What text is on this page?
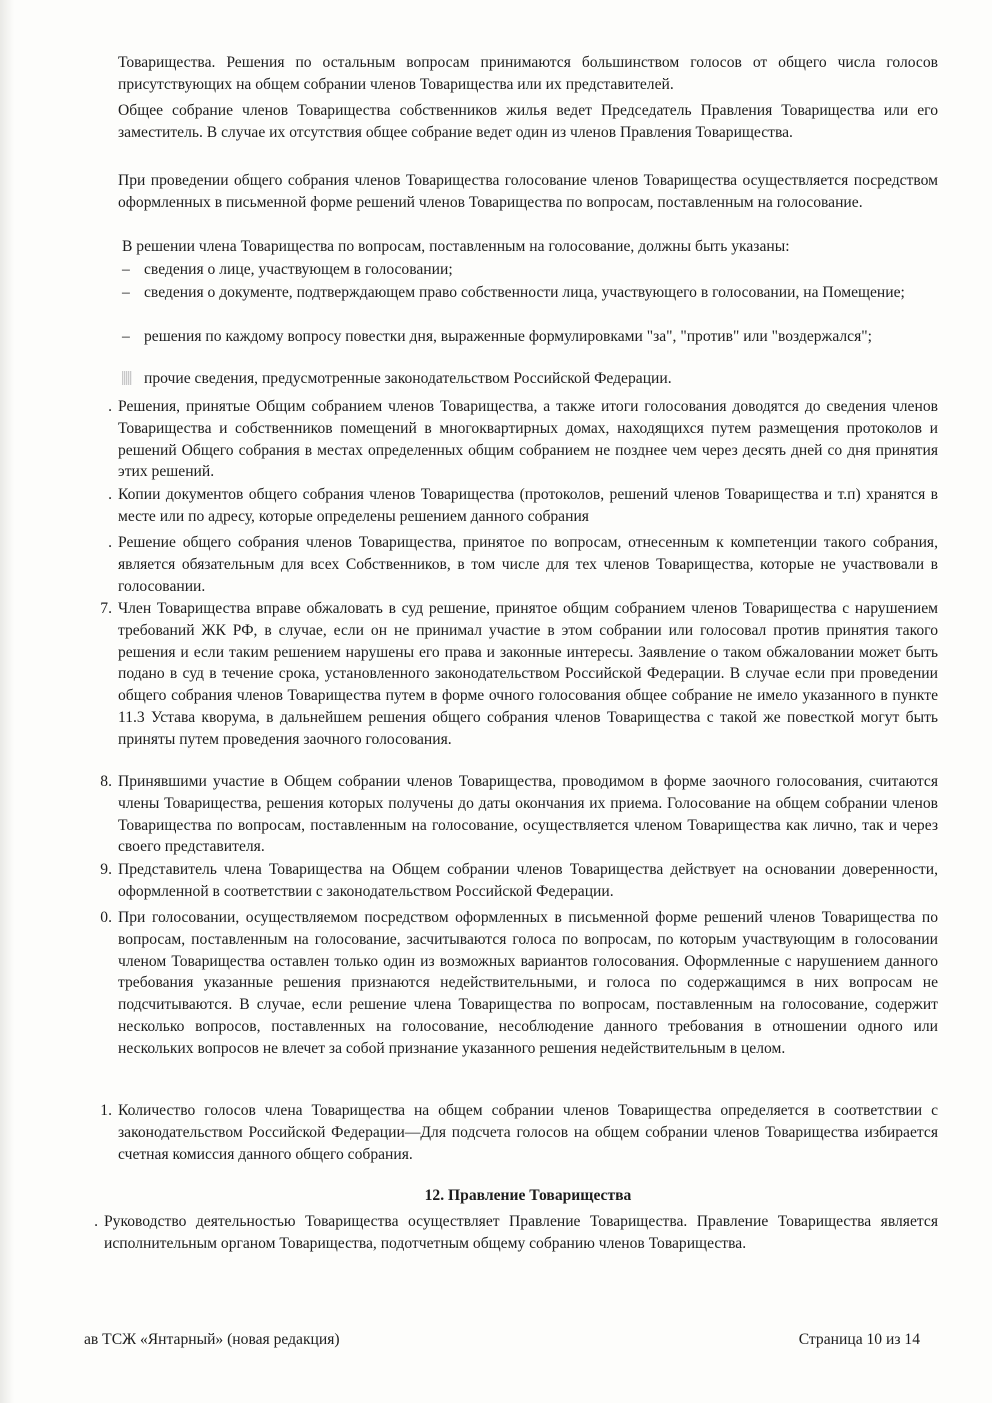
Товарищества. Решения по остальным вопросам принимаются большинством голосов от общего числа голосов присутствующих на общем собрании членов Товарищества или их представителей.
Общее собрание членов Товарищества собственников жилья ведет Председатель Правления Товарищества или его заместитель. В случае их отсутствия общее собрание ведет один из членов Правления Товарищества.
При проведении общего собрания членов Товарищества голосование членов Товарищества осуществляется посредством оформленных в письменной форме решений членов Товарищества по вопросам, поставленным на голосование.
В решении члена Товарищества по вопросам, поставленным на голосование, должны быть указаны:
– сведения о лице, участвующем в голосовании;
– сведения о документе, подтверждающем право собственности лица, участвующего в голосовании, на Помещение;
– решения по каждому вопросу повестки дня, выраженные формулировками "за", "против" или "воздержался";
прочие сведения, предусмотренные законодательством Российской Федерации.
. Решения, принятые Общим собранием членов Товарищества, а также итоги голосования доводятся до сведения членов Товарищества и собственников помещений в многоквартирных домах, находящихся путем размещения протоколов и решений Общего собрания в местах определенных общим собранием не позднее чем через десять дней со дня принятия этих решений.
. Копии документов общего собрания членов Товарищества (протоколов, решений членов Товарищества и т.п) хранятся в месте или по адресу, которые определены решением данного собрания
. Решение общего собрания членов Товарищества, принятое по вопросам, отнесенным к компетенции такого собрания, является обязательным для всех Собственников, в том числе для тех членов Товарищества, которые не участвовали в голосовании.
7. Член Товарищества вправе обжаловать в суд решение, принятое общим собранием членов Товарищества с нарушением требований ЖК РФ, в случае, если он не принимал участие в этом собрании или голосовал против принятия такого решения и если таким решением нарушены его права и законные интересы. Заявление о таком обжаловании может быть подано в суд в течение срока, установленного законодательством Российской Федерации. В случае если при проведении общего собрания членов Товарищества путем в форме очного голосования общее собрание не имело указанного в пункте 11.3 Устава кворума, в дальнейшем решения общего собрания членов Товарищества с такой же повесткой могут быть приняты путем проведения заочного голосования.
8. Принявшими участие в Общем собрании членов Товарищества, проводимом в форме заочного голосования, считаются члены Товарищества, решения которых получены до даты окончания их приема. Голосование на общем собрании членов Товарищества по вопросам, поставленным на голосование, осуществляется членом Товарищества как лично, так и через своего представителя.
9. Представитель члена Товарищества на Общем собрании членов Товарищества действует на основании доверенности, оформленной в соответствии с законодательством Российской Федерации.
0. При голосовании, осуществляемом посредством оформленных в письменной форме решений членов Товарищества по вопросам, поставленным на голосование, засчитываются голоса по вопросам, по которым участвующим в голосовании членом Товарищества оставлен только один из возможных вариантов голосования. Оформленные с нарушением данного требования указанные решения признаются недействительными, и голоса по содержащимся в них вопросам не подсчитываются. В случае, если решение члена Товарищества по вопросам, поставленным на голосование, содержит несколько вопросов, поставленных на голосование, несоблюдение данного требования в отношении одного или нескольких вопросов не влечет за собой признание указанного решения недействительным в целом.
1. Количество голосов члена Товарищества на общем собрании членов Товарищества определяется в соответствии с законодательством Российской Федерации—Для подсчета голосов на общем собрании членов Товарищества избирается счетная комиссия данного общего собрания.
12. Правление Товарищества
. Руководство деятельностью Товарищества осуществляет Правление Товарищества. Правление Товарищества является исполнительным органом Товарищества, подотчетным общему собранию членов Товарищества.
ав ТСЖ «Янтарный» (новая редакция)	Страница 10 из 14
